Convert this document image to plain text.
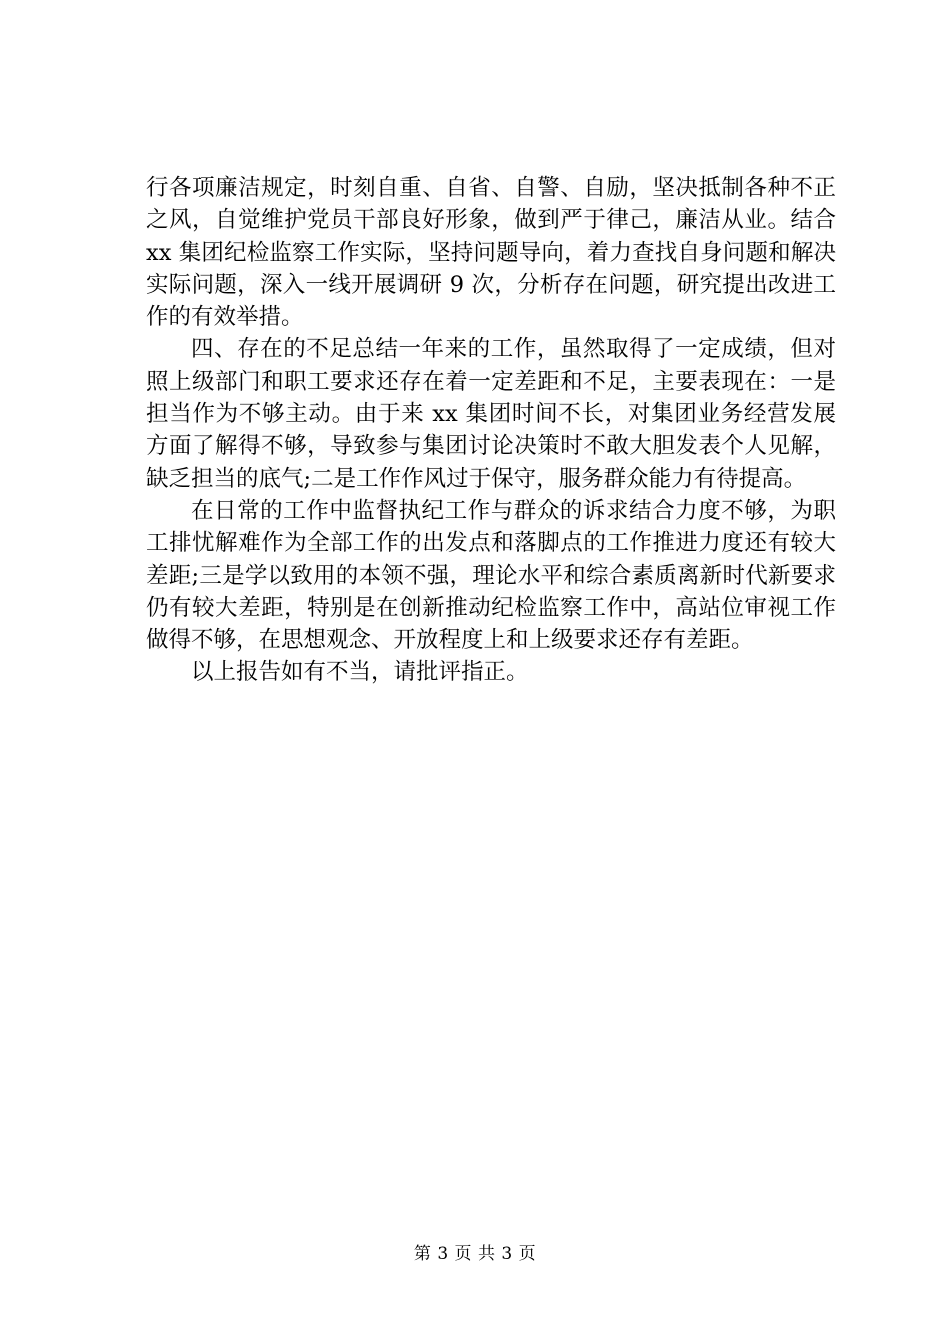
行各项廉洁规定，时刻自重、自省、自警、自励，坚决抵制各种不正之风，自觉维护党员干部良好形象，做到严于律己，廉洁从业。结合 xx 集团纪检监察工作实际，坚持问题导向，着力查找自身问题和解决实际问题，深入一线开展调研 9 次，分析存在问题，研究提出改进工作的有效举措。

四、存在的不足总结一年来的工作，虽然取得了一定成绩，但对照上级部门和职工要求还存在着一定差距和不足，主要表现在：一是担当作为不够主动。由于来 xx 集团时间不长，对集团业务经营发展方面了解得不够，导致参与集团讨论决策时不敢大胆发表个人见解，缺乏担当的底气;二是工作作风过于保守，服务群众能力有待提高。

在日常的工作中监督执纪工作与群众的诉求结合力度不够，为职工排忧解难作为全部工作的出发点和落脚点的工作推进力度还有较大差距;三是学以致用的本领不强，理论水平和综合素质离新时代新要求仍有较大差距，特别是在创新推动纪检监察工作中，高站位审视工作做得不够，在思想观念、开放程度上和上级要求还存有差距。

以上报告如有不当，请批评指正。

第 3 页 共 3 页
